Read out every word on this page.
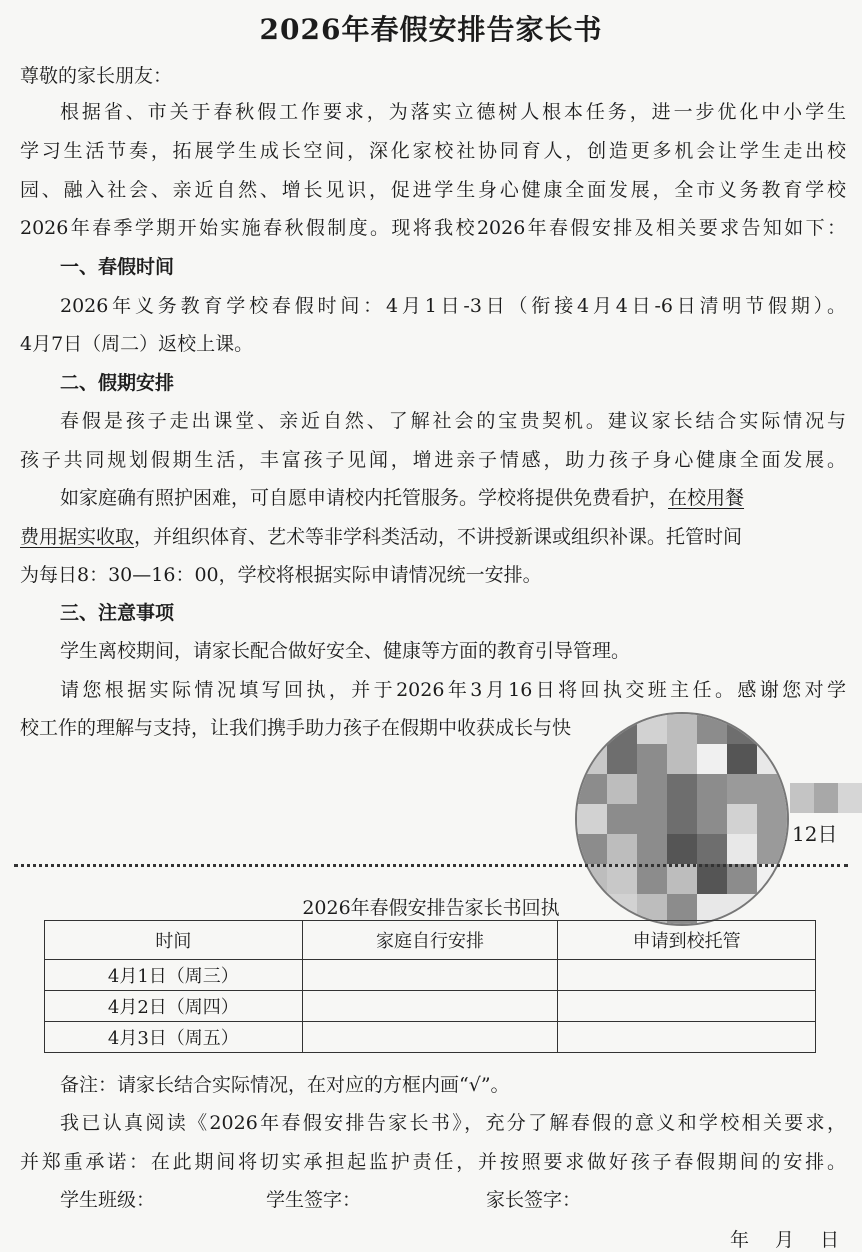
2026年春假安排告家长书
尊敬的家长朋友：
根据省、市关于春秋假工作要求，为落实立德树人根本任务，进一步优化中小学生
学习生活节奏，拓展学生成长空间，深化家校社协同育人，创造更多机会让学生走出校
园、融入社会、亲近自然、增长见识，促进学生身心健康全面发展，全市义务教育学校
2026年春季学期开始实施春秋假制度。现将我校2026年春假安排及相关要求告知如下：
一、春假时间
2026年义务教育学校春假时间：4月1日-3日（衔接4月4日-6日清明节假期）。
4月7日（周二）返校上课。
二、假期安排
春假是孩子走出课堂、亲近自然、了解社会的宝贵契机。建议家长结合实际情况与
孩子共同规划假期生活，丰富孩子见闻，增进亲子情感，助力孩子身心健康全面发展。
如家庭确有照护困难，可自愿申请校内托管服务。学校将提供免费看护，在校用餐
费用据实收取，并组织体育、艺术等非学科类活动，不讲授新课或组织补课。托管时间
为每日8：30—16：00，学校将根据实际申请情况统一安排。
三、注意事项
学生离校期间，请家长配合做好安全、健康等方面的教育引导管理。
请您根据实际情况填写回执，并于2026年3月16日将回执交班主任。感谢您对学
校工作的理解与支持，让我们携手助力孩子在假期中收获成长与快
12日
2026年春假安排告家长书回执
时间	家庭自行安排	申请到校托管
4月1日（周三）		
4月2日（周四）		
4月3日（周五）		
备注：请家长结合实际情况，在对应的方框内画“√”。
我已认真阅读《2026年春假安排告家长书》，充分了解春假的意义和学校相关要求，
并郑重承诺：在此期间将切实承担起监护责任，并按照要求做好孩子春假期间的安排。
学生班级：	学生签字：	家长签字：
年 月 日
